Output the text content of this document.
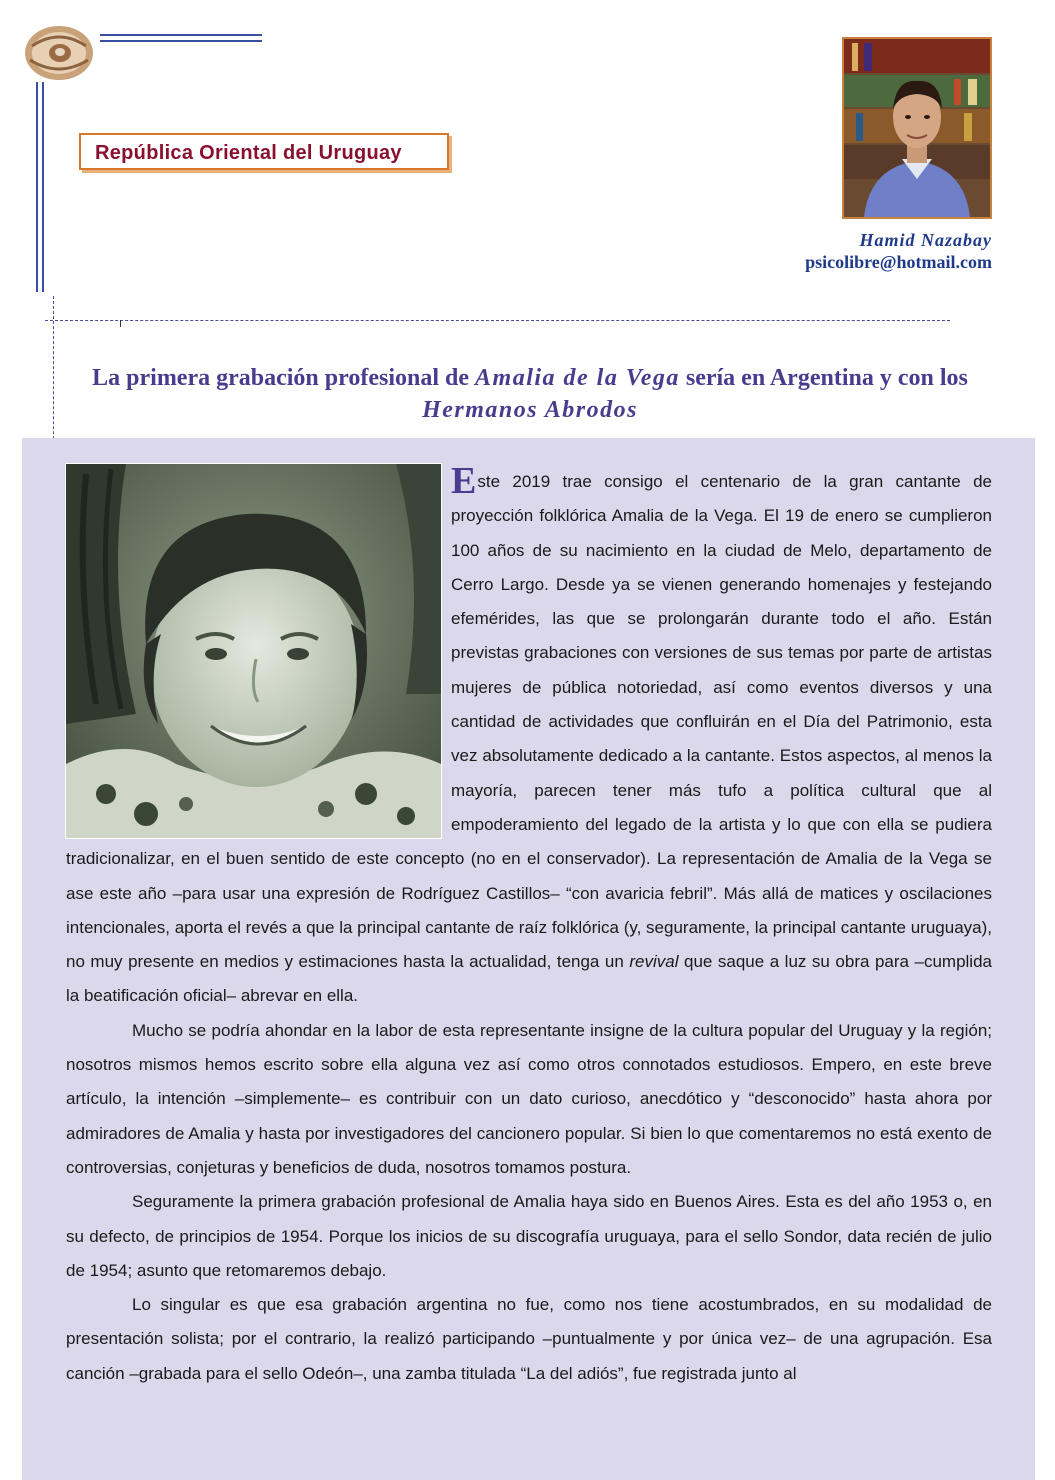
República Oriental del Uruguay
Hamid Nazabay
psicolibre@hotmail.com
La primera grabación profesional de Amalia de la Vega sería en Argentina y con los Hermanos Abrodos

Este 2019 trae consigo el centenario de la gran cantante de proyección folklórica Amalia de la Vega. El 19 de enero se cumplieron 100 años de su nacimiento en la ciudad de Melo, departamento de Cerro Largo. Desde ya se vienen generando homenajes y festejando efemérides, las que se prolongarán durante todo el año. Están previstas grabaciones con versiones de sus temas por parte de artistas mujeres de pública notoriedad, así como eventos diversos y una cantidad de actividades que confluirán en el Día del Patrimonio, esta vez absolutamente dedicado a la cantante. Estos aspectos, al menos la mayoría, parecen tener más tufo a política cultural que al empoderamiento del legado de la artista y lo que con ella se pudiera tradicionalizar, en el buen sentido de este concepto (no en el conservador). La representación de Amalia de la Vega se ase este año –para usar una expresión de Rodríguez Castillos– “con avaricia febril”. Más allá de matices y oscilaciones intencionales, aporta el revés a que la principal cantante de raíz folklórica (y, seguramente, la principal cantante uruguaya), no muy presente en medios y estimaciones hasta la actualidad, tenga un revival que saque a luz su obra para –cumplida la beatificación oficial– abrevar en ella.

Mucho se podría ahondar en la labor de esta representante insigne de la cultura popular del Uruguay y la región; nosotros mismos hemos escrito sobre ella alguna vez así como otros connotados estudiosos. Empero, en este breve artículo, la intención –simplemente– es contribuir con un dato curioso, anecdótico y “desconocido” hasta ahora por admiradores de Amalia y hasta por investigadores del cancionero popular. Si bien lo que comentaremos no está exento de controversias, conjeturas y beneficios de duda, nosotros tomamos postura.

Seguramente la primera grabación profesional de Amalia haya sido en Buenos Aires. Esta es del año 1953 o, en su defecto, de principios de 1954. Porque los inicios de su discografía uruguaya, para el sello Sondor, data recién de julio de 1954; asunto que retomaremos debajo.

Lo singular es que esa grabación argentina no fue, como nos tiene acostumbrados, en su modalidad de presentación solista; por el contrario, la realizó participando –puntualmente y por única vez– de una agrupación. Esa canción –grabada para el sello Odeón–, una zamba titulada “La del adiós”, fue registrada junto al
